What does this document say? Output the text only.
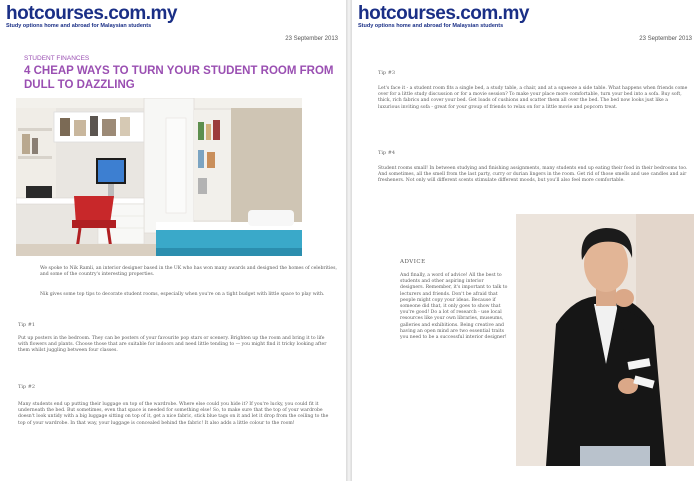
hotcourses.com.my
Study options home and abroad for Malaysian students
23 September 2013
STUDENT FINANCES
4 CHEAP WAYS TO TURN YOUR STUDENT ROOM FROM DULL TO DAZZLING

We spoke to Nik Ramli, an interior designer based in the UK who has won many awards and designed the homes of celebrities, and some of the country's interesting properties.

Nik gives some top tips to decorate student rooms, especially when you're on a tight budget with little space to play with.

Tip #1

Put up posters in the bedroom. They can be posters of your favourite pop stars or scenery. Brighten up the room and bring it to life with flowers and plants. Choose those that are suitable for indoors and need little tending to — you might find it tricky looking after them whilst juggling between four classes.

Tip #2

Many students end up putting their luggage on top of the wardrobe. Where else could you hide it? If you're lucky, you could fit it underneath the bed. But sometimes, even that space is needed for something else! So, to make sure that the top of your wardrobe doesn't look untidy with a big luggage sitting on top of it, get a nice fabric, stick blue tags on it and let it drop from the ceiling to the top of your wardrobe. In that way, your luggage is concealed behind the fabric! It also adds a little colour to the room!

hotcourses.com.my
Study options home and abroad for Malaysian students
23 September 2013
Tip #3

Let's face it - a student room fits a single bed, a study table, a chair, and at a squeeze a side table. What happens when friends come over for a little study discussion or for a movie session? To make your place more comfortable, turn your bed into a sofa. Buy soft, thick, rich fabrics and cover your bed. Get loads of cushions and scatter them all over the bed. The bed now looks just like a luxurious inviting sofa - great for your group of friends to relax on for a little movie and popcorn treat.

Tip #4

Student rooms small! In between studying and finishing assignments, many students end up eating their food in their bedrooms too. And sometimes, all the smell from the last party, curry or durian lingers in the room. Get rid of those smells and use candles and air fresheners. Not only will different scents stimulate different moods, but you'll also feel more comfortable.

ADVICE

And finally, a word of advice! All the best to students and other aspiring interior designers. Remember, it's important to talk to lecturers and friends. Don't be afraid that people might copy your ideas. Because if someone did that, it only goes to show that you're good! Do a lot of research - use local resources like your own libraries, museums, galleries and exhibitions. Being creative and having an open mind are two essential traits you need to be a successful interior designer!
